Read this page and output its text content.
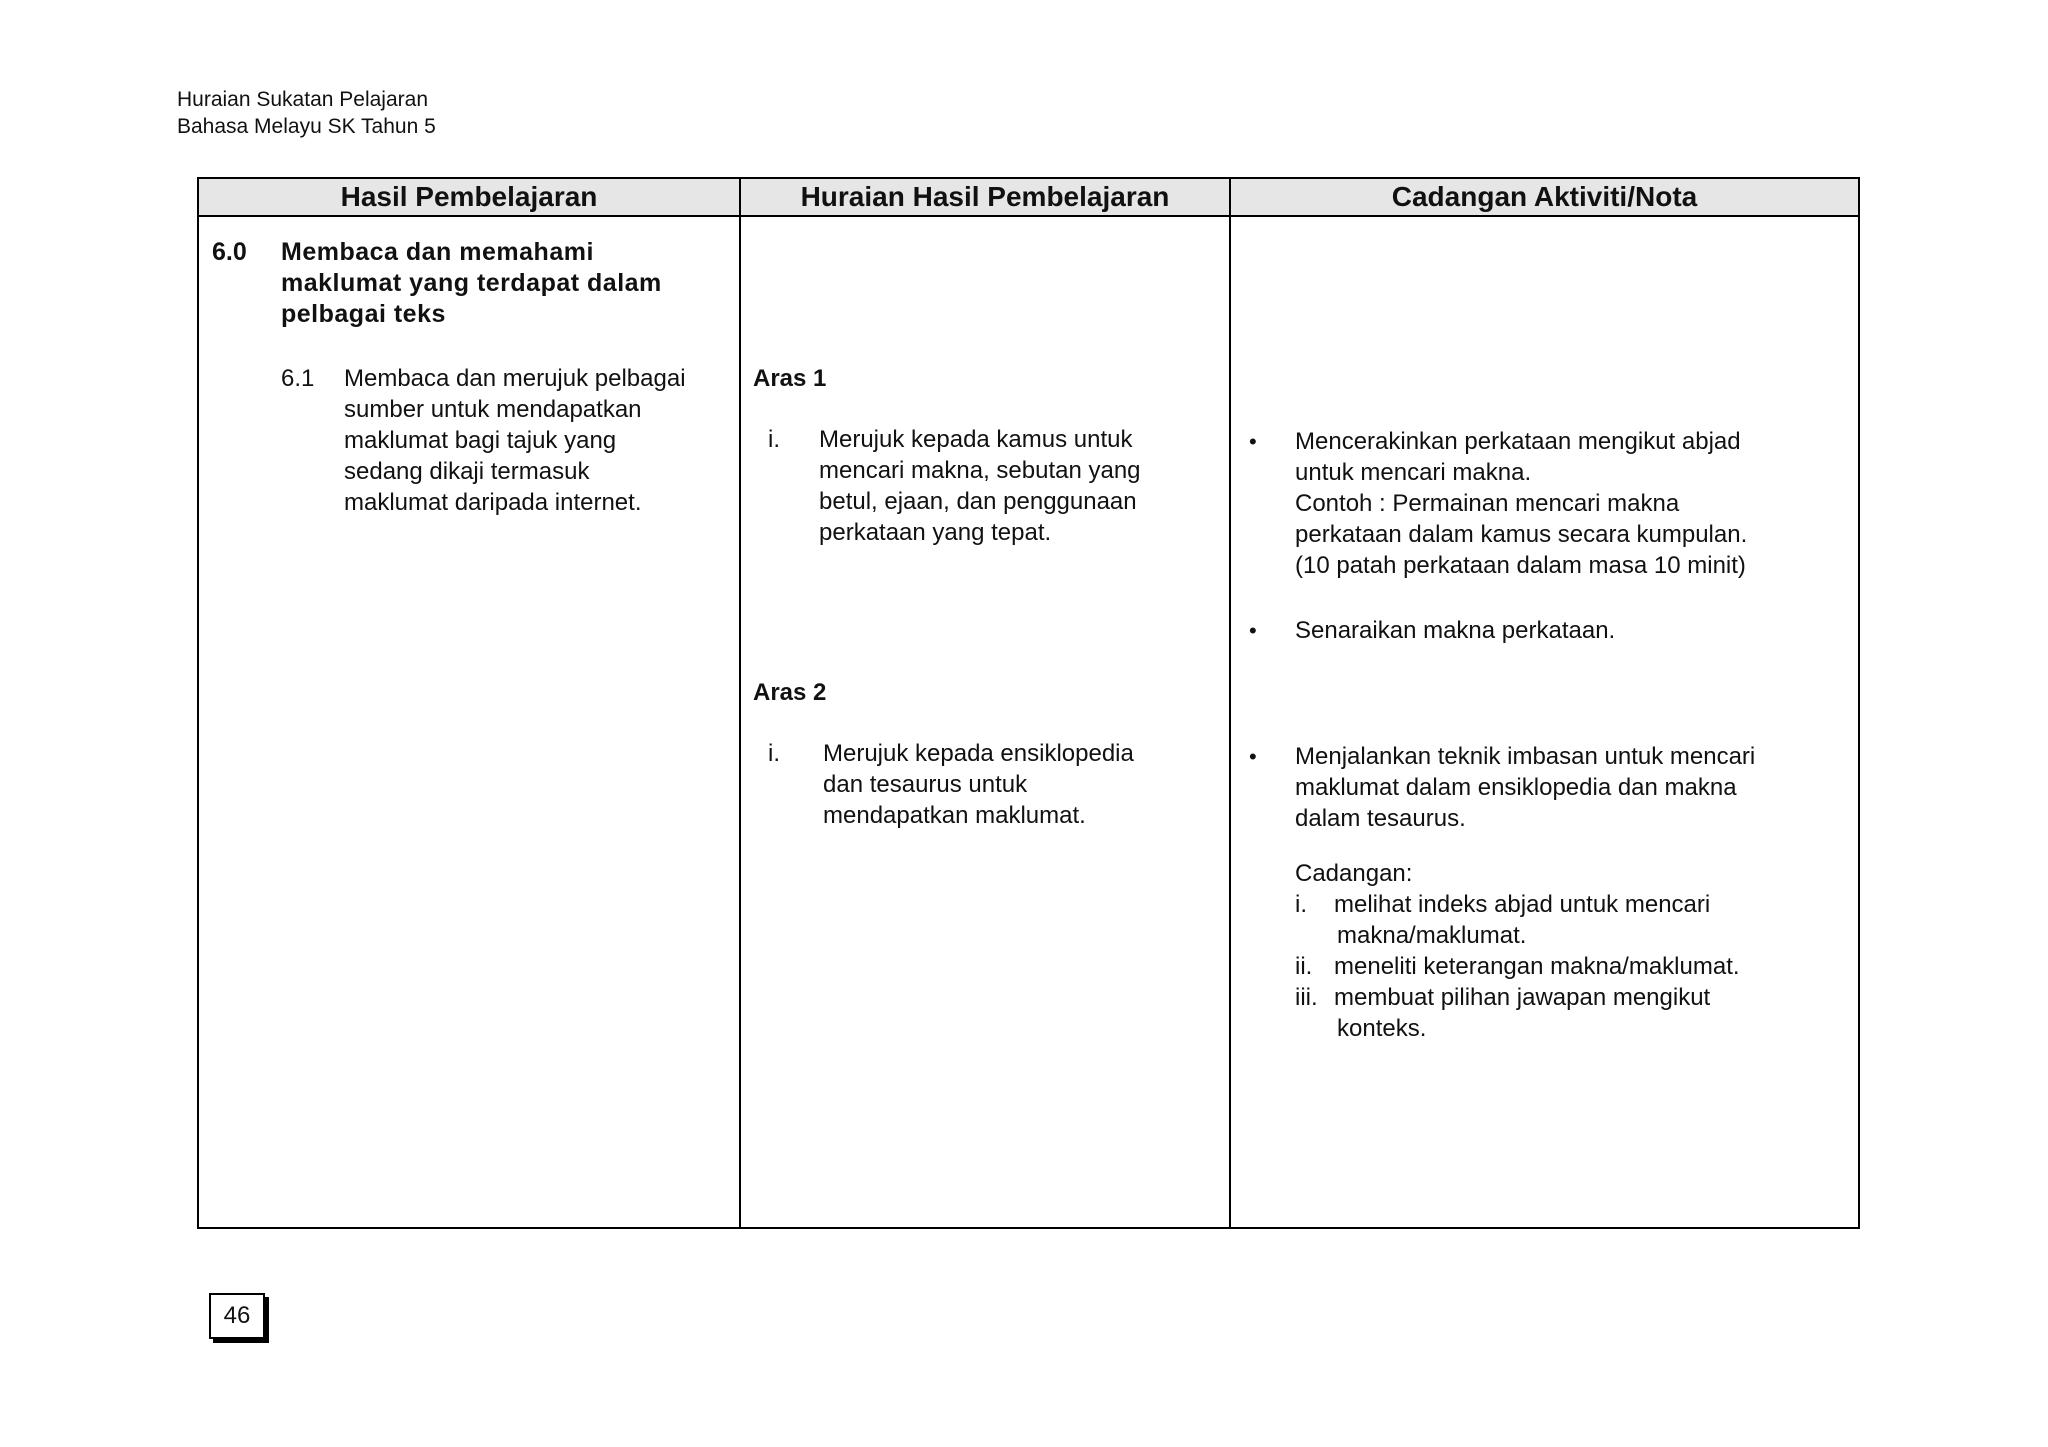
Huraian Sukatan Pelajaran
Bahasa Melayu SK Tahun 5
Hasil Pembelajaran	Huraian Hasil Pembelajaran	Cadangan Aktiviti/Nota
6.0 Membaca dan memahami
maklumat yang terdapat dalam
pelbagai teks
6.1 Membaca dan merujuk pelbagai
sumber untuk mendapatkan
maklumat bagi tajuk yang
sedang dikaji termasuk
maklumat daripada internet.
Aras 1
i. Merujuk kepada kamus untuk
mencari makna, sebutan yang
betul, ejaan, dan penggunaan
perkataan yang tepat.
Aras 2
i. Merujuk kepada ensiklopedia
dan tesaurus untuk
mendapatkan maklumat.
• Mencerakinkan perkataan mengikut abjad
untuk mencari makna.
Contoh : Permainan mencari makna
perkataan dalam kamus secara kumpulan.
(10 patah perkataan dalam masa 10 minit)
• Senaraikan makna perkataan.
• Menjalankan teknik imbasan untuk mencari
maklumat dalam ensiklopedia dan makna
dalam tesaurus.
Cadangan:
i. melihat indeks abjad untuk mencari
makna/maklumat.
ii. meneliti keterangan makna/maklumat.
iii. membuat pilihan jawapan mengikut
konteks.
46
